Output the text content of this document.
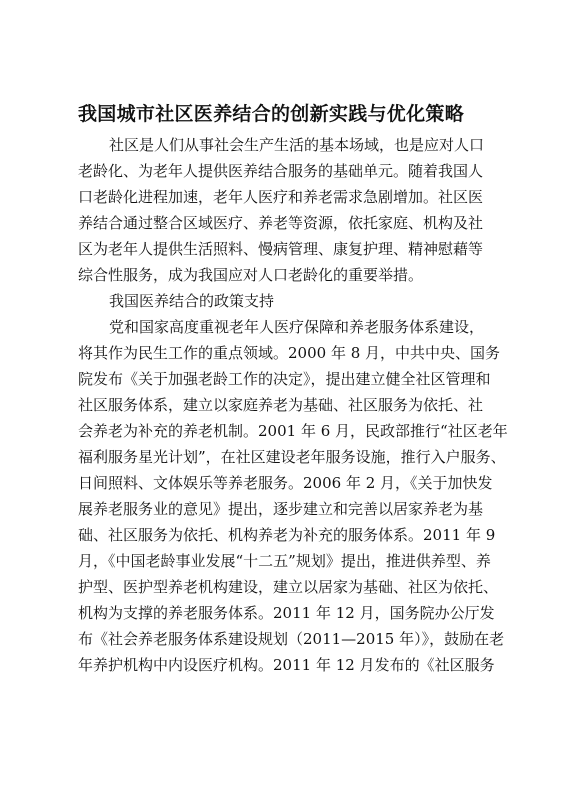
我国城市社区医养结合的创新实践与优化策略
社区是人们从事社会生产生活的基本场域，也是应对人口
老龄化、为老年人提供医养结合服务的基础单元。随着我国人
口老龄化进程加速，老年人医疗和养老需求急剧增加。社区医
养结合通过整合区域医疗、养老等资源，依托家庭、机构及社
区为老年人提供生活照料、慢病管理、康复护理、精神慰藉等
综合性服务，成为我国应对人口老龄化的重要举措。
我国医养结合的政策支持
党和国家高度重视老年人医疗保障和养老服务体系建设，
将其作为民生工作的重点领域。2000 年 8 月，中共中央、国务
院发布《关于加强老龄工作的决定》，提出建立健全社区管理和
社区服务体系，建立以家庭养老为基础、社区服务为依托、社
会养老为补充的养老机制。2001 年 6 月，民政部推行“社区老年
福利服务星光计划”，在社区建设老年服务设施，推行入户服务、
日间照料、文体娱乐等养老服务。2006 年 2 月，《关于加快发
展养老服务业的意见》提出，逐步建立和完善以居家养老为基
础、社区服务为依托、机构养老为补充的服务体系。2011 年 9
月，《中国老龄事业发展“十二五”规划》提出，推进供养型、养
护型、医护型养老机构建设，建立以居家为基础、社区为依托、
机构为支撑的养老服务体系。2011 年 12 月，国务院办公厅发
布《社会养老服务体系建设规划（2011—2015 年）》，鼓励在老
年养护机构中内设医疗机构。2011 年 12 月发布的《社区服务
